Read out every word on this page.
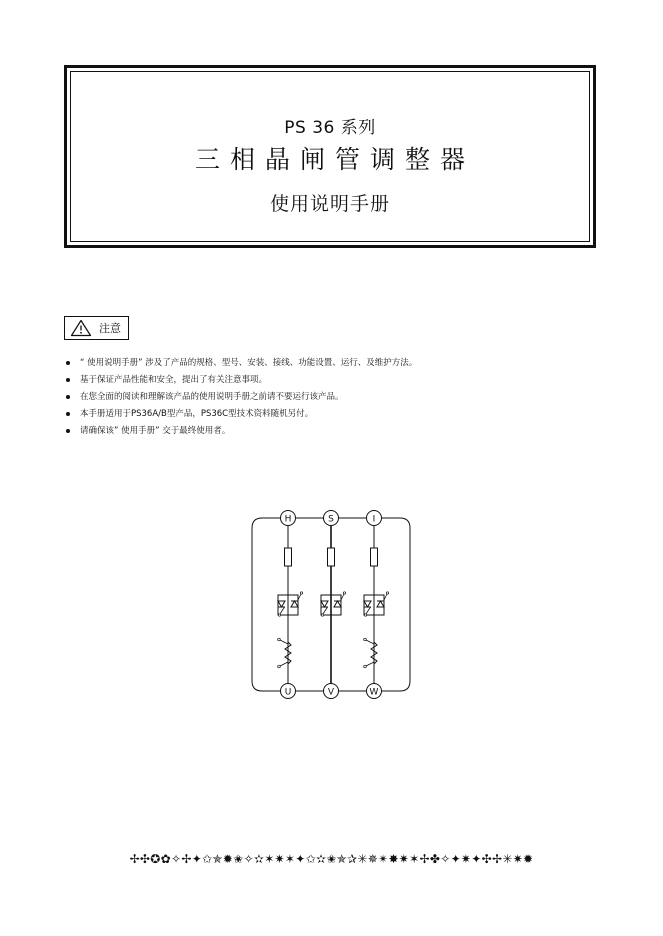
PS 36 系列
三相晶闸管调整器
使用说明手册
注意
“ 使用说明手册” 涉及了产品的规格、型号、安装、接线、功能设置、运行、及维护方法。
基于保证产品性能和安全，提出了有关注意事项。
在您全面的阅读和理解该产品的使用说明手册之前请不要运行该产品。
本手册适用于PS36A/B型产品，PS36C型技术资料随机另付。
请确保该” 使用手册” 交于最终使用者。
H	S	I
U	V	W
✢✣✪✿✧✢✦✩✯✹✬✧✫✶✷✶✦✩✫✬✯✰✳✵✴✸✷✶✢✤✧✦✷✦✣✢✳✷✹
